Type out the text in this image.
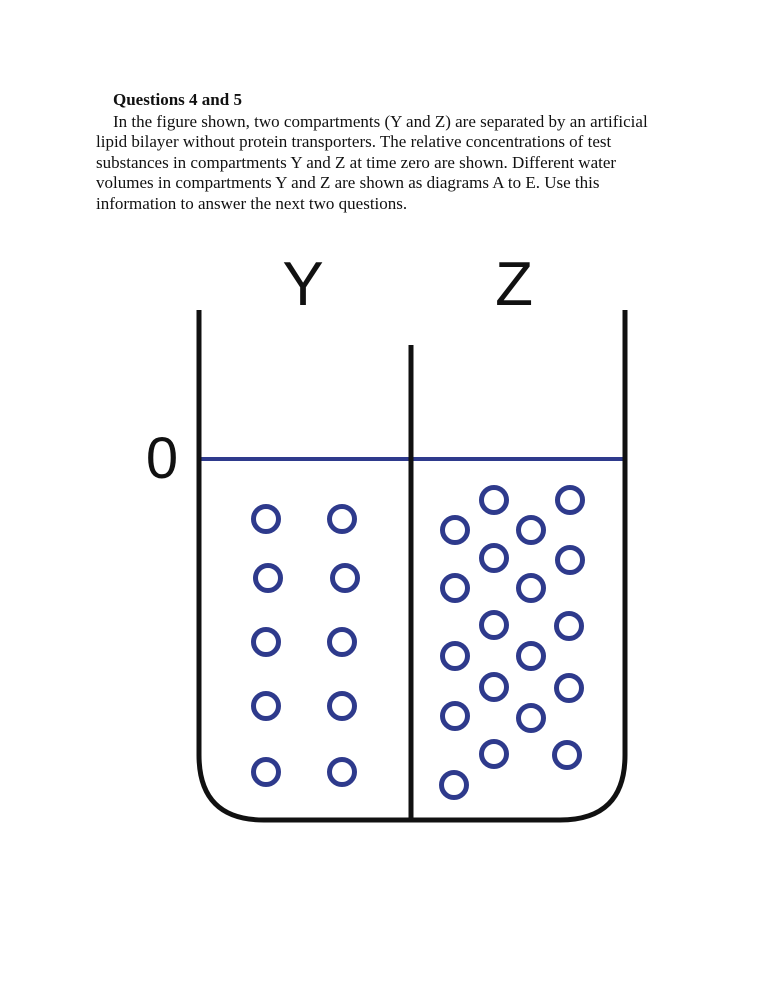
Questions 4 and 5

In the figure shown, two compartments (Y and Z) are separated by an artificial lipid bilayer without protein transporters. The relative concentrations of test substances in compartments Y and Z at time zero are shown. Different water volumes in compartments Y and Z are shown as diagrams A to E. Use this information to answer the next two questions.

Y	Z
0
